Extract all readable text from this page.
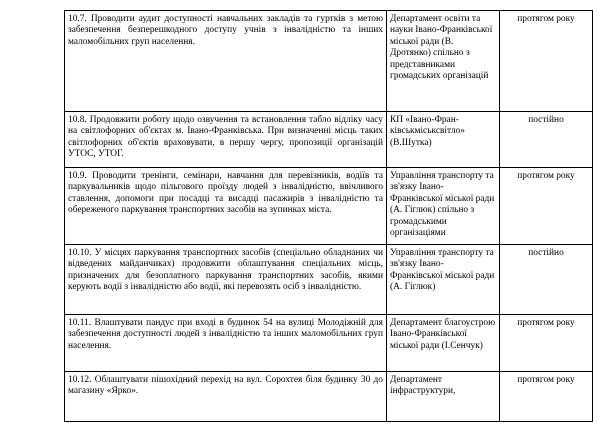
10.7. Проводити аудит доступності навчальних закладів та гуртків з метою забезпечення безперешкодного доступу учнів з інвалідністю та інших маломобільних груп населення.	Департамент освіти та науки Івано-Франківської міської ради (В. Дротянко) спільно з представниками громадських організацій	протягом року
10.8. Продовжити роботу щодо озвучення та встановлення табло відліку часу на світлофорних об'єктах м. Івано-Франківська. При визначенні місць таких світлофорних об'єктів враховувати, в першу чергу, пропозиції організацій УТОС, УТОГ.	КП «Івано-Фран-ківськміськсвітло» (В.Шутка)	постійно
10.9. Проводити тренінги, семінари, навчання для перевізників, водіїв та паркувальників щодо пільгового проїзду людей з інвалідністю, ввічливого ставлення, допомоги при посадці та висадці пасажирів з інвалідністю та обереженого паркування транспортних засобів на зупинках міста.	Управління транспорту та зв'язку Івано-Франківської міської ради (А. Гіглюк) спільно з громадськими організаціями	протягом року
10.10. У місцях паркування транспортних засобів (спеціально обладнаних чи відведених майданчиках) продовжити облаштування спеціальних місць, призначених для безоплатного паркування транспортних засобів, якими керують водії з інвалідністю або водії, які перевозять осіб з інвалідністю.	Управління транспорту та зв'язку Івано-Франківської міської ради (А. Гіглюк)	постійно
10.11. Влаштувати пандус при вході в будинок 54 на вулиці Молодіжній для забезпечення доступності людей з інвалідністю та інших маломобільних груп населення.	Департамент благоустрою Івано-Франківської міської ради (І.Сенчук)	протягом року
10.12. Облаштувати пішохідний перехід на вул. Сорохтея біля будинку 30 до магазину «Ярко».	Департамент інфраструктури,	протягом року
